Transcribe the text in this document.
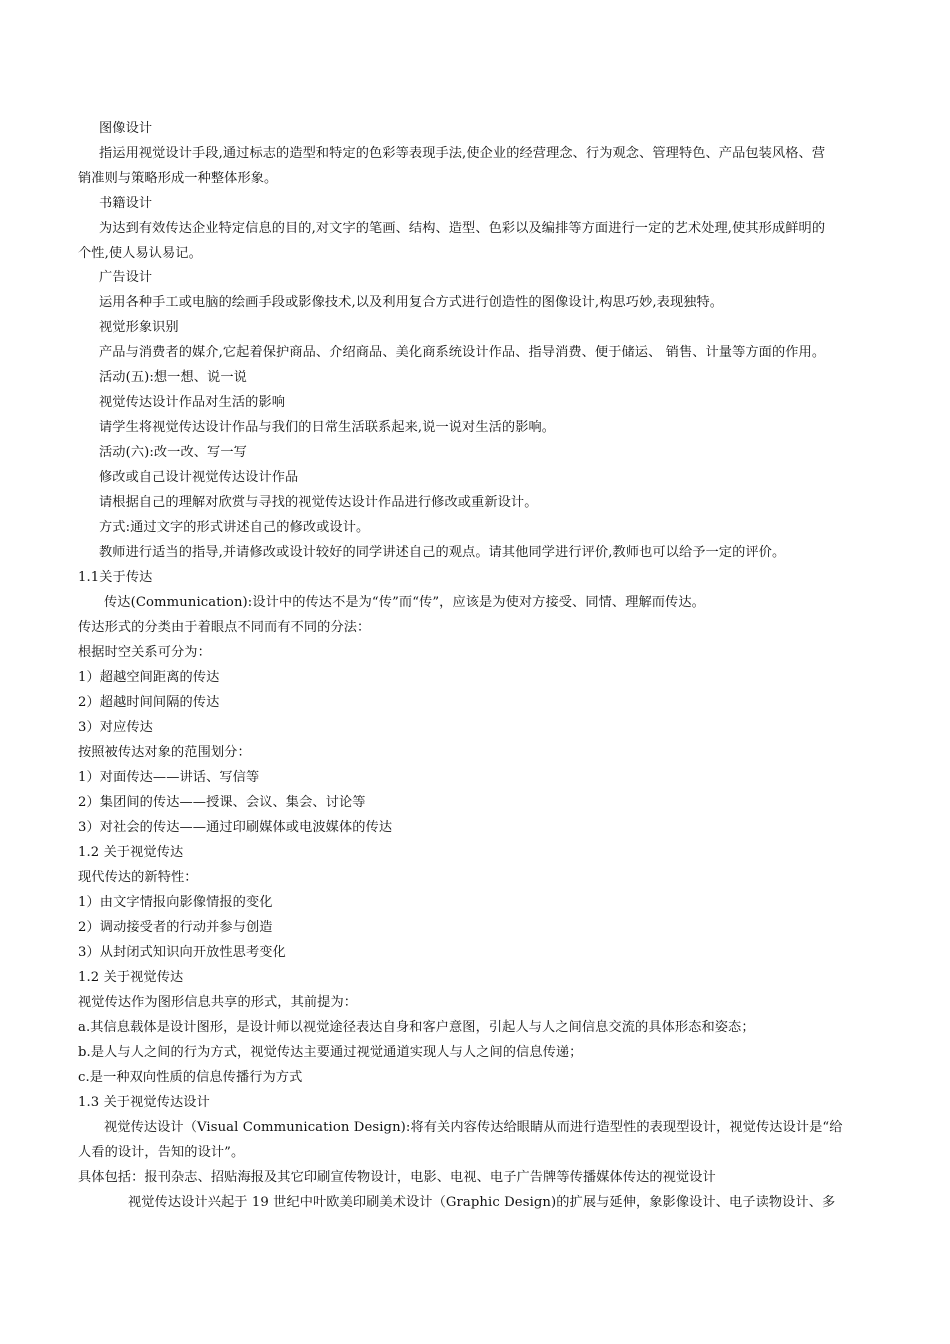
图像设计
指运用视觉设计手段,通过标志的造型和特定的色彩等表现手法,使企业的经营理念、行为观念、管理特色、产品包装风格、营
销准则与策略形成一种整体形象。
书籍设计
为达到有效传达企业特定信息的目的,对文字的笔画、结构、造型、色彩以及编排等方面进行一定的艺术处理,使其形成鲜明的
个性,使人易认易记。
广告设计
运用各种手工或电脑的绘画手段或影像技术,以及利用复合方式进行创造性的图像设计,构思巧妙,表现独特。
视觉形象识别
产品与消费者的媒介,它起着保护商品、介绍商品、美化商系统设计作品、指导消费、便于储运、 销售、计量等方面的作用。
活动(五):想一想、说一说
视觉传达设计作品对生活的影响
请学生将视觉传达设计作品与我们的日常生活联系起来,说一说对生活的影响。
活动(六):改一改、写一写
修改或自己设计视觉传达设计作品
请根据自己的理解对欣赏与寻找的视觉传达设计作品进行修改或重新设计。
方式:通过文字的形式讲述自己的修改或设计。
教师进行适当的指导,并请修改或设计较好的同学讲述自己的观点。请其他同学进行评价,教师也可以给予一定的评价。
1.1关于传达
传达(Communication):设计中的传达不是为“传”而“传”，应该是为使对方接受、同情、理解而传达。
传达形式的分类由于着眼点不同而有不同的分法：
根据时空关系可分为：
1）超越空间距离的传达
2）超越时间间隔的传达
3）对应传达
按照被传达对象的范围划分：
1）对面传达——讲话、写信等
2）集团间的传达——授课、会议、集会、讨论等
3）对社会的传达——通过印刷媒体或电波媒体的传达
1.2 关于视觉传达
现代传达的新特性：
1）由文字情报向影像情报的变化
2）调动接受者的行动并参与创造
3）从封闭式知识向开放性思考变化
1.2 关于视觉传达
视觉传达作为图形信息共享的形式，其前提为：
a.其信息载体是设计图形，是设计师以视觉途径表达自身和客户意图，引起人与人之间信息交流的具体形态和姿态；
b.是人与人之间的行为方式，视觉传达主要通过视觉通道实现人与人之间的信息传递；
c.是一种双向性质的信息传播行为方式
1.3 关于视觉传达设计
视觉传达设计（Visual Communication Design):将有关内容传达给眼睛从而进行造型性的表现型设计，视觉传达设计是“给
人看的设计，告知的设计”。
具体包括：报刊杂志、招贴海报及其它印刷宣传物设计，电影、电视、电子广告牌等传播媒体传达的视觉设计
视觉传达设计兴起于 19 世纪中叶欧美印刷美术设计（Graphic Design)的扩展与延伸，象影像设计、电子读物设计、多
